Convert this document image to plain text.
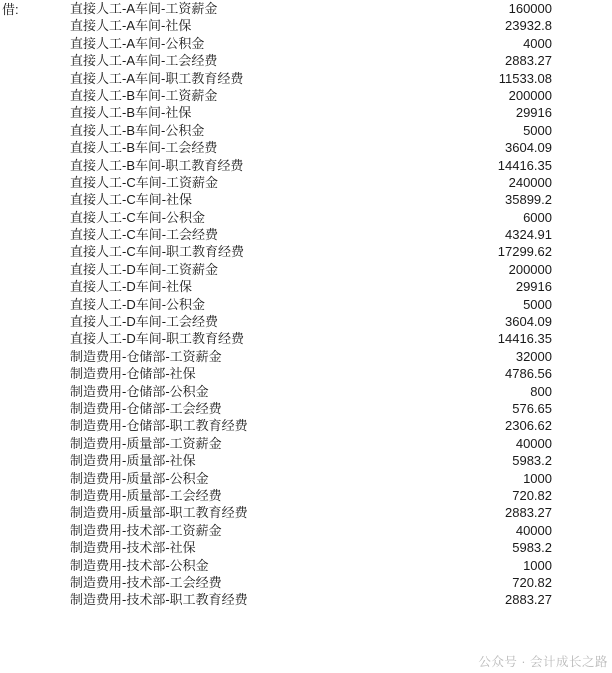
借:	直接人工-A车间-工资薪金	160000
直接人工-A车间-社保	23932.8
直接人工-A车间-公积金	4000
直接人工-A车间-工会经费	2883.27
直接人工-A车间-职工教育经费	11533.08
直接人工-B车间-工资薪金	200000
直接人工-B车间-社保	29916
直接人工-B车间-公积金	5000
直接人工-B车间-工会经费	3604.09
直接人工-B车间-职工教育经费	14416.35
直接人工-C车间-工资薪金	240000
直接人工-C车间-社保	35899.2
直接人工-C车间-公积金	6000
直接人工-C车间-工会经费	4324.91
直接人工-C车间-职工教育经费	17299.62
直接人工-D车间-工资薪金	200000
直接人工-D车间-社保	29916
直接人工-D车间-公积金	5000
直接人工-D车间-工会经费	3604.09
直接人工-D车间-职工教育经费	14416.35
制造费用-仓储部-工资薪金	32000
制造费用-仓储部-社保	4786.56
制造费用-仓储部-公积金	800
制造费用-仓储部-工会经费	576.65
制造费用-仓储部-职工教育经费	2306.62
制造费用-质量部-工资薪金	40000
制造费用-质量部-社保	5983.2
制造费用-质量部-公积金	1000
制造费用-质量部-工会经费	720.82
制造费用-质量部-职工教育经费	2883.27
制造费用-技术部-工资薪金	40000
制造费用-技术部-社保	5983.2
制造费用-技术部-公积金	1000
制造费用-技术部-工会经费	720.82
制造费用-技术部-职工教育经费	2883.27
公众号 · 会计成长之路
